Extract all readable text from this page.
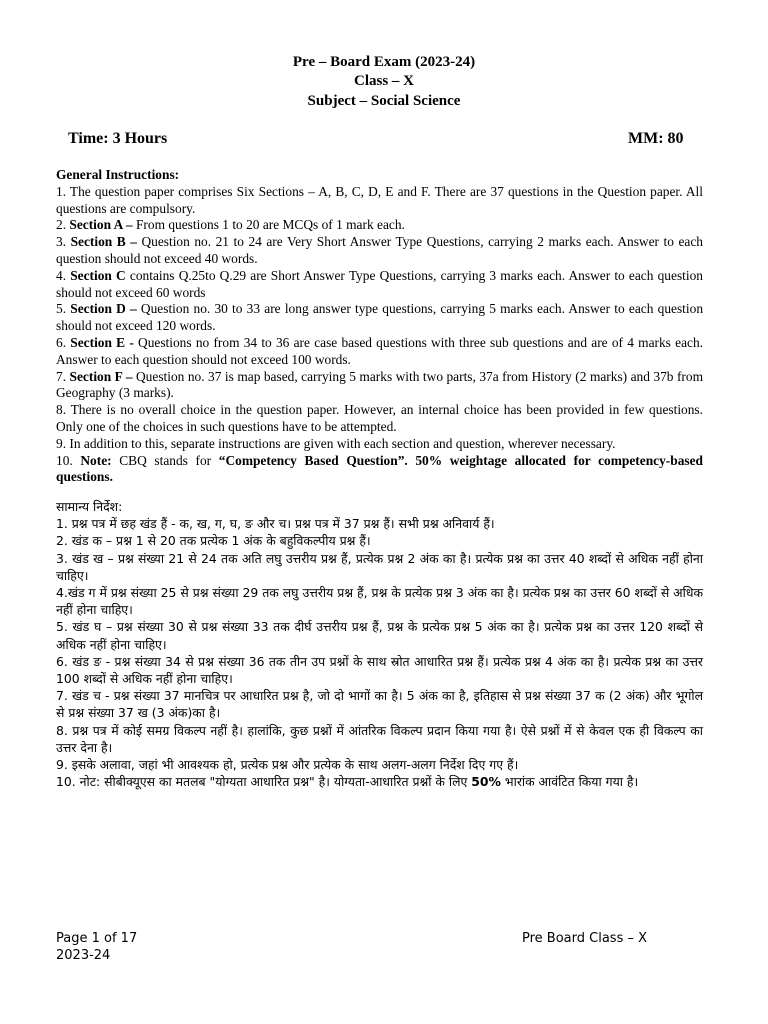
Pre – Board Exam (2023-24)
Class – X
Subject – Social Science
Time: 3 Hours	MM: 80

General Instructions:

1. The question paper comprises Six Sections – A, B, C, D, E and F. There are 37 questions in the Question paper. All questions are compulsory.

2. Section A – From questions 1 to 20 are MCQs of 1 mark each.

3. Section B – Question no. 21 to 24 are Very Short Answer Type Questions, carrying 2 marks each. Answer to each question should not exceed 40 words.

4. Section C contains Q.25to Q.29 are Short Answer Type Questions, carrying 3 marks each. Answer to each question should not exceed 60 words

5. Section D – Question no. 30 to 33 are long answer type questions, carrying 5 marks each. Answer to each question should not exceed 120 words.

6. Section E - Questions no from 34 to 36 are case based questions with three sub questions and are of 4 marks each. Answer to each question should not exceed 100 words.

7. Section F – Question no. 37 is map based, carrying 5 marks with two parts, 37a from History (2 marks) and 37b from Geography (3 marks).

8. There is no overall choice in the question paper. However, an internal choice has been provided in few questions. Only one of the choices in such questions have to be attempted.

9. In addition to this, separate instructions are given with each section and question, wherever necessary.

10. Note: CBQ stands for “Competency Based Question”. 50% weightage allocated for competency-based questions.

सामान्य निर्देश:

1. प्रश्न पत्र में छह खंड हैं - क, ख, ग, घ, ङ और च। प्रश्न पत्र में 37 प्रश्न हैं। सभी प्रश्न अनिवार्य हैं।

2. खंड क – प्रश्न 1 से 20 तक प्रत्येक 1 अंक के बहुविकल्पीय प्रश्न हैं।

3. खंड ख – प्रश्न संख्या 21 से 24 तक अति लघु उत्तरीय प्रश्न हैं, प्रत्येक प्रश्न 2 अंक का है। प्रत्येक प्रश्न का उत्तर 40 शब्दों से अधिक नहीं होना चाहिए।

4.खंड ग में प्रश्न संख्या 25 से प्रश्न संख्या 29 तक लघु उत्तरीय प्रश्न हैं, प्रश्न के प्रत्येक प्रश्न 3 अंक का है। प्रत्येक प्रश्न का उत्तर 60 शब्दों से अधिक नहीं होना चाहिए।

5. खंड घ – प्रश्न संख्या 30 से प्रश्न संख्या 33 तक दीर्घ उत्तरीय प्रश्न हैं, प्रश्न के प्रत्येक प्रश्न 5 अंक का है। प्रत्येक प्रश्न का उत्तर 120 शब्दों से अधिक नहीं होना चाहिए।

6. खंड ङ - प्रश्न संख्या 34 से प्रश्न संख्या 36 तक तीन उप प्रश्नों के साथ स्रोत आधारित प्रश्न हैं। प्रत्येक प्रश्न 4 अंक का है। प्रत्येक प्रश्न का उत्तर 100 शब्दों से अधिक नहीं होना चाहिए।

7. खंड च - प्रश्न संख्या 37 मानचित्र पर आधारित प्रश्न है, जो दो भागों का है। 5 अंक का है, इतिहास से प्रश्न संख्या 37 क (2 अंक) और भूगोल से प्रश्न संख्या 37 ख (3 अंक)का है।

8. प्रश्न पत्र में कोई समग्र विकल्प नहीं है। हालांकि, कुछ प्रश्नों में आंतरिक विकल्प प्रदान किया गया है। ऐसे प्रश्नों में से केवल एक ही विकल्प का उत्तर देना है।

9. इसके अलावा, जहां भी आवश्यक हो, प्रत्येक प्रश्न और प्रत्येक के साथ अलग-अलग निर्देश दिए गए हैं।

10. नोट: सीबीक्यूएस का मतलब "योग्यता आधारित प्रश्न" है। योग्यता-आधारित प्रश्नों के लिए 50% भारांक आवंटित किया गया है।

Page 1 of 17
2023-24
Pre Board Class – X
